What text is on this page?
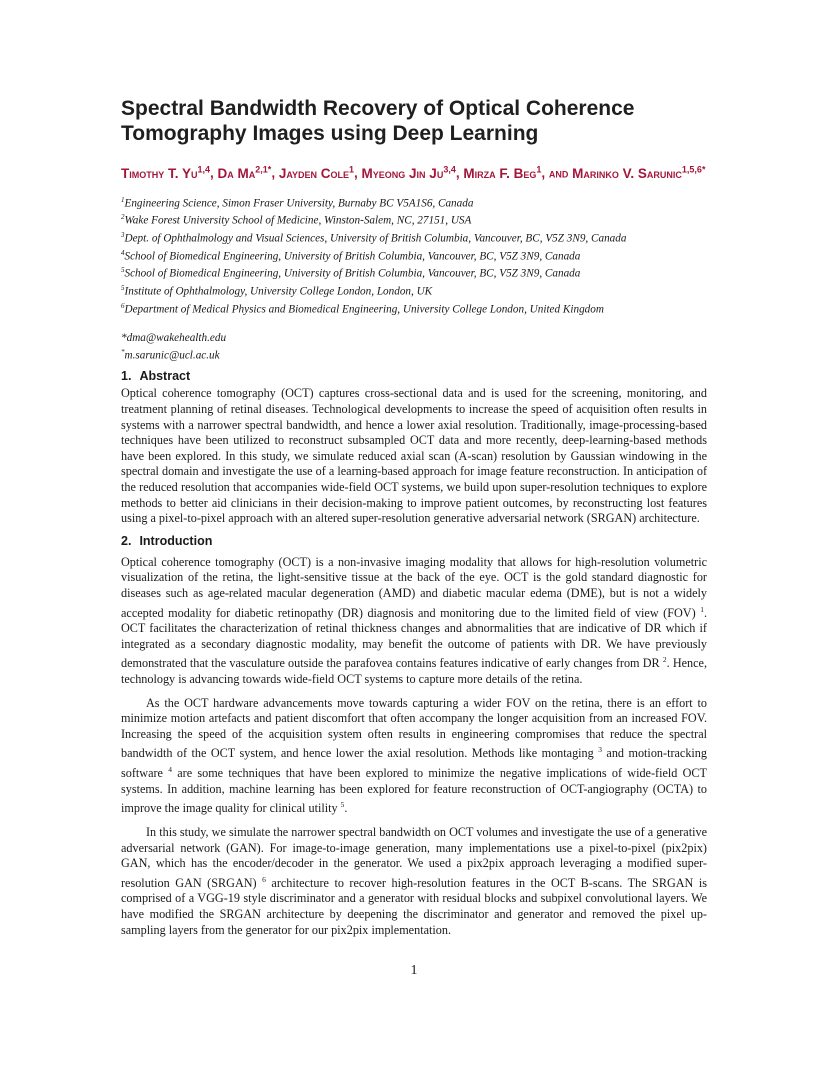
Spectral Bandwidth Recovery of Optical Coherence Tomography Images using Deep Learning
Timothy T. Yu$^{1,4}$, Da $Ma^{2,1*}$, Jayden Cole$^1$, Myeong Jin Ju$^{3,4}$, Mirza F. Beg$^1$, and Marinko V. Sarunic$^{1,5,6*}$
$^1$Engineering Science, Simon Fraser University, Burnaby BC V5A1S6, Canada
$^2$Wake Forest University School of Medicine, Winston-Salem, NC, 27151, USA
$^3$Dept. of Ophthalmology and Visual Sciences, University of British Columbia, Vancouver, BC, V5Z 3N9, Canada
$^4$School of Biomedical Engineering, University of British Columbia, Vancouver, BC, V5Z 3N9, Canada
$^5$School of Biomedical Engineering, University of British Columbia, Vancouver, BC, V5Z 3N9, Canada
$^5$Institute of Ophthalmology, University College London, London, UK
$^6$Department of Medical Physics and Biomedical Engineering, University College London, United Kingdom
*dma@wakehealth.edu
*m.sarunic@ucl.ac.uk
1. Abstract

Optical coherence tomography (OCT) captures cross-sectional data and is used for the screening, monitoring, and treatment planning of retinal diseases. Technological developments to increase the speed of acquisition often results in systems with a narrower spectral bandwidth, and hence a lower axial resolution. Traditionally, image-processing-based techniques have been utilized to reconstruct subsampled OCT data and more recently, deep-learning-based methods have been explored. In this study, we simulate reduced axial scan (A-scan) resolution by Gaussian windowing in the spectral domain and investigate the use of a learning-based approach for image feature reconstruction. In anticipation of the reduced resolution that accompanies wide-field OCT systems, we build upon super-resolution techniques to explore methods to better aid clinicians in their decision-making to improve patient outcomes, by reconstructing lost features using a pixel-to-pixel approach with an altered super-resolution generative adversarial network (SRGAN) architecture.

2. Introduction

Optical coherence tomography (OCT) is a non-invasive imaging modality that allows for high-resolution volumetric visualization of the retina, the light-sensitive tissue at the back of the eye. OCT is the gold standard diagnostic for diseases such as age-related macular degeneration (AMD) and diabetic macular edema (DME), but is not a widely accepted modality for diabetic retinopathy (DR) diagnosis and monitoring due to the limited field of view (FOV) $^1$. OCT facilitates the characterization of retinal thickness changes and abnormalities that are indicative of DR which if integrated as a secondary diagnostic modality, may benefit the outcome of patients with DR. We have previously demonstrated that the vasculature outside the parafovea contains features indicative of early changes from DR $^2$. Hence, technology is advancing towards wide-field OCT systems to capture more details of the retina.

As the OCT hardware advancements move towards capturing a wider FOV on the retina, there is an effort to minimize motion artefacts and patient discomfort that often accompany the longer acquisition from an increased FOV. Increasing the speed of the acquisition system often results in engineering compromises that reduce the spectral bandwidth of the OCT system, and hence lower the axial resolution. Methods like montaging $^3$ and motion-tracking software $^4$ are some techniques that have been explored to minimize the negative implications of wide-field OCT systems. In addition, machine learning has been explored for feature reconstruction of OCT-angiography (OCTA) to improve the image quality for clinical utility $^5$.

In this study, we simulate the narrower spectral bandwidth on OCT volumes and investigate the use of a generative adversarial network (GAN). For image-to-image generation, many implementations use a pixel-to-pixel (pix2pix) GAN, which has the encoder/decoder in the generator. We used a pix2pix approach leveraging a modified super-resolution GAN (SRGAN) $^6$ architecture to recover high-resolution features in the OCT B-scans. The SRGAN is comprised of a VGG-19 style discriminator and a generator with residual blocks and subpixel convolutional layers. We have modified the SRGAN architecture by deepening the discriminator and generator and removed the pixel up-sampling layers from the generator for our pix2pix implementation.

1
